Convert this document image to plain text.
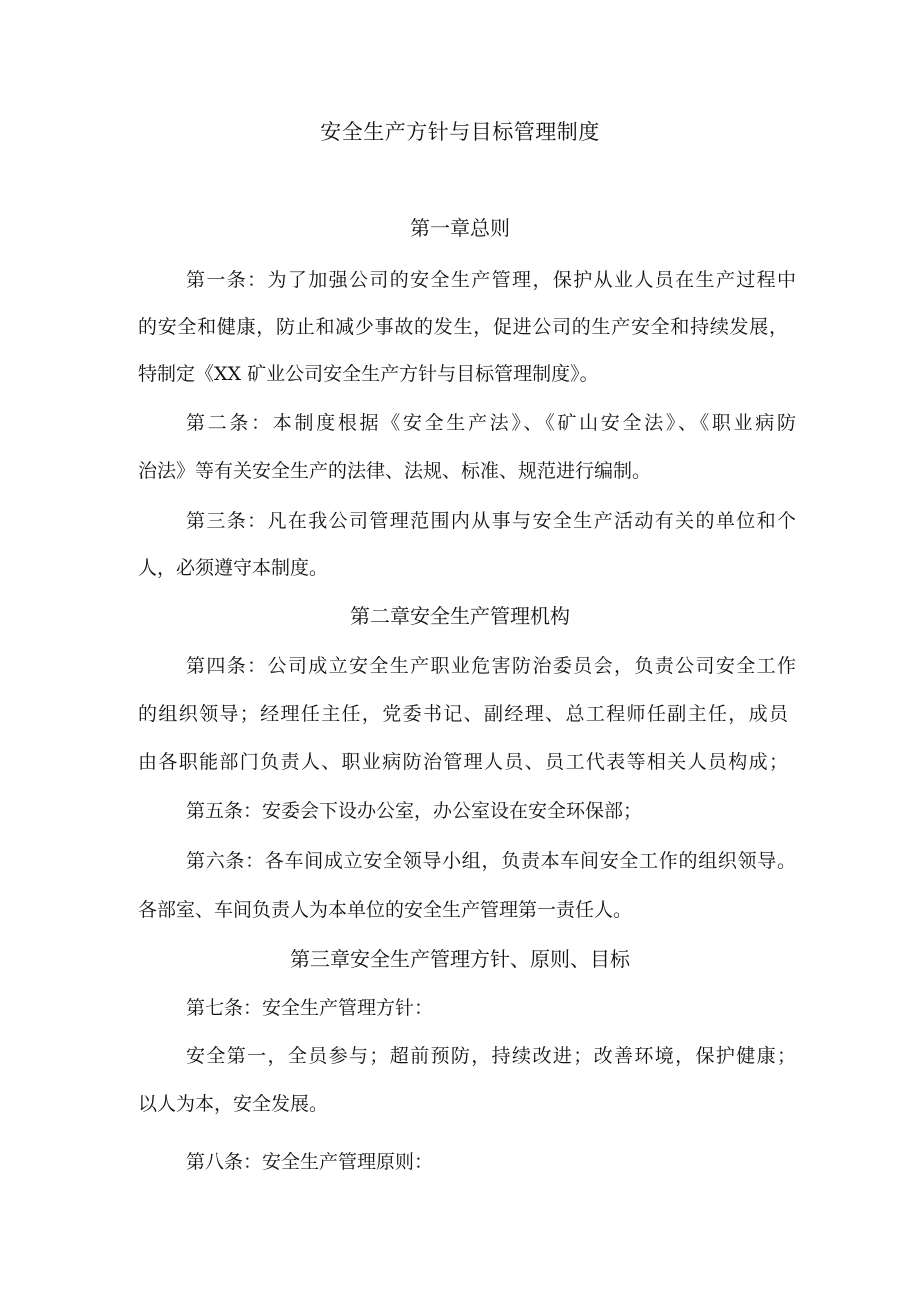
安全生产方针与目标管理制度
第一章总则
第一条：为了加强公司的安全生产管理，保护从业人员在生产过程中
的安全和健康，防止和减少事故的发生，促进公司的生产安全和持续发展，
特制定《XX 矿业公司安全生产方针与目标管理制度》。
第二条：本制度根据《安全生产法》、《矿山安全法》、《职业病防
治法》等有关安全生产的法律、法规、标准、规范进行编制。
第三条：凡在我公司管理范围内从事与安全生产活动有关的单位和个
人，必须遵守本制度。
第二章安全生产管理机构
第四条：公司成立安全生产职业危害防治委员会，负责公司安全工作
的组织领导；经理任主任，党委书记、副经理、总工程师任副主任，成员
由各职能部门负责人、职业病防治管理人员、员工代表等相关人员构成；
第五条：安委会下设办公室，办公室设在安全环保部；
第六条：各车间成立安全领导小组，负责本车间安全工作的组织领导。
各部室、车间负责人为本单位的安全生产管理第一责任人。
第三章安全生产管理方针、原则、目标
第七条：安全生产管理方针：
安全第一，全员参与；超前预防，持续改进；改善环境，保护健康；
以人为本，安全发展。
第八条：安全生产管理原则：
